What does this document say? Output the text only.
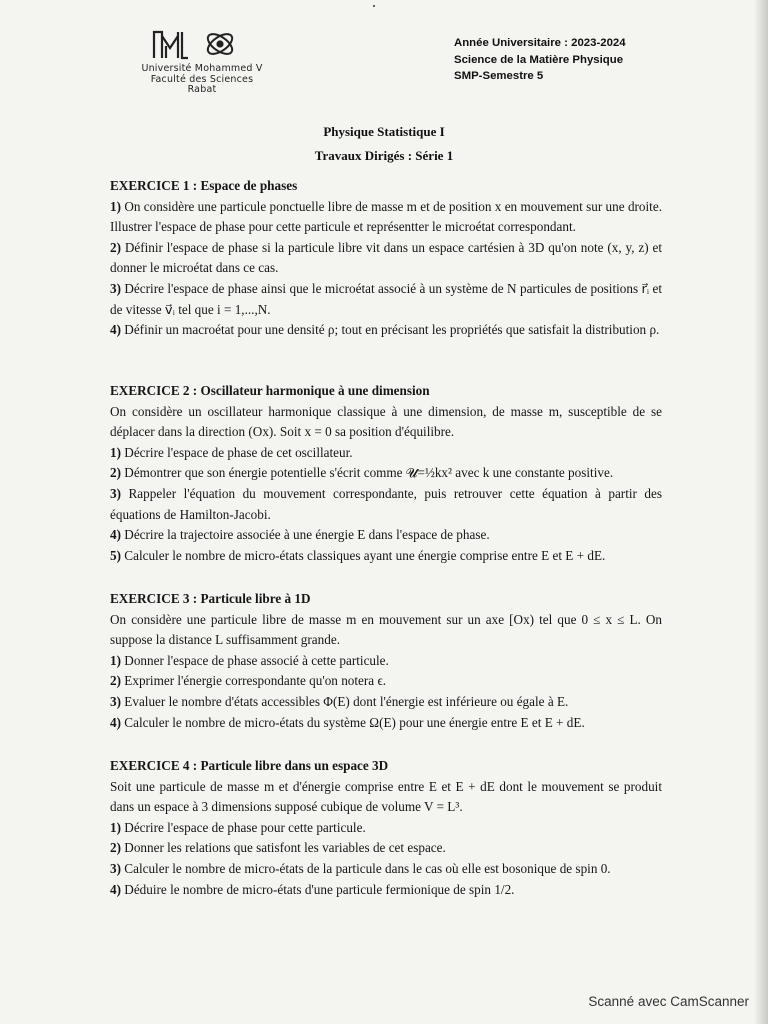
Université Mohammed V
Faculté des Sciences
Rabat
Année Universitaire : 2023-2024
Science de la Matière Physique
SMP-Semestre 5
Physique Statistique I
Travaux Dirigés : Série 1

EXERCICE 1 : Espace de phases

1) On considère une particule ponctuelle libre de masse m et de position x en mouvement sur une droite. Illustrer l'espace de phase pour cette particule et représentter le microétat correspondant.

2) Définir l'espace de phase si la particule libre vit dans un espace cartésien à 3D qu'on note (x, y, z) et donner le microétat dans ce cas.

3) Décrire l'espace de phase ainsi que le microétat associé à un système de N particules de positions r⃗ᵢ et de vitesse v⃗ᵢ tel que i = 1,...,N.

4) Définir un macroétat pour une densité ρ; tout en précisant les propriétés que satisfait la distribution ρ.

EXERCICE 2 : Oscillateur harmonique à une dimension

On considère un oscillateur harmonique classique à une dimension, de masse m, susceptible de se déplacer dans la direction (Ox). Soit x = 0 sa position d'équilibre.

1) Décrire l'espace de phase de cet oscillateur.

2) Démontrer que son énergie potentielle s'écrit comme 𝓤=½kx² avec k une constante positive.

3) Rappeler l'équation du mouvement correspondante, puis retrouver cette équation à partir des équations de Hamilton-Jacobi.

4) Décrire la trajectoire associée à une énergie E dans l'espace de phase.

5) Calculer le nombre de micro-états classiques ayant une énergie comprise entre E et E + dE.

EXERCICE 3 : Particule libre à 1D

On considère une particule libre de masse m en mouvement sur un axe [Ox) tel que 0 ≤ x ≤ L. On suppose la distance L suffisamment grande.

1) Donner l'espace de phase associé à cette particule.

2) Exprimer l'énergie correspondante qu'on notera ϵ.

3) Evaluer le nombre d'états accessibles Φ(E) dont l'énergie est inférieure ou égale à E.

4) Calculer le nombre de micro-états du système Ω(E) pour une énergie entre E et E + dE.

EXERCICE 4 : Particule libre dans un espace 3D

Soit une particule de masse m et d'énergie comprise entre E et E + dE dont le mouvement se produit dans un espace à 3 dimensions supposé cubique de volume V = L³.

1) Décrire l'espace de phase pour cette particule.

2) Donner les relations que satisfont les variables de cet espace.

3) Calculer le nombre de micro-états de la particule dans le cas où elle est bosonique de spin 0.

4) Déduire le nombre de micro-états d'une particule fermionique de spin 1/2.

Scanné avec CamScanner
